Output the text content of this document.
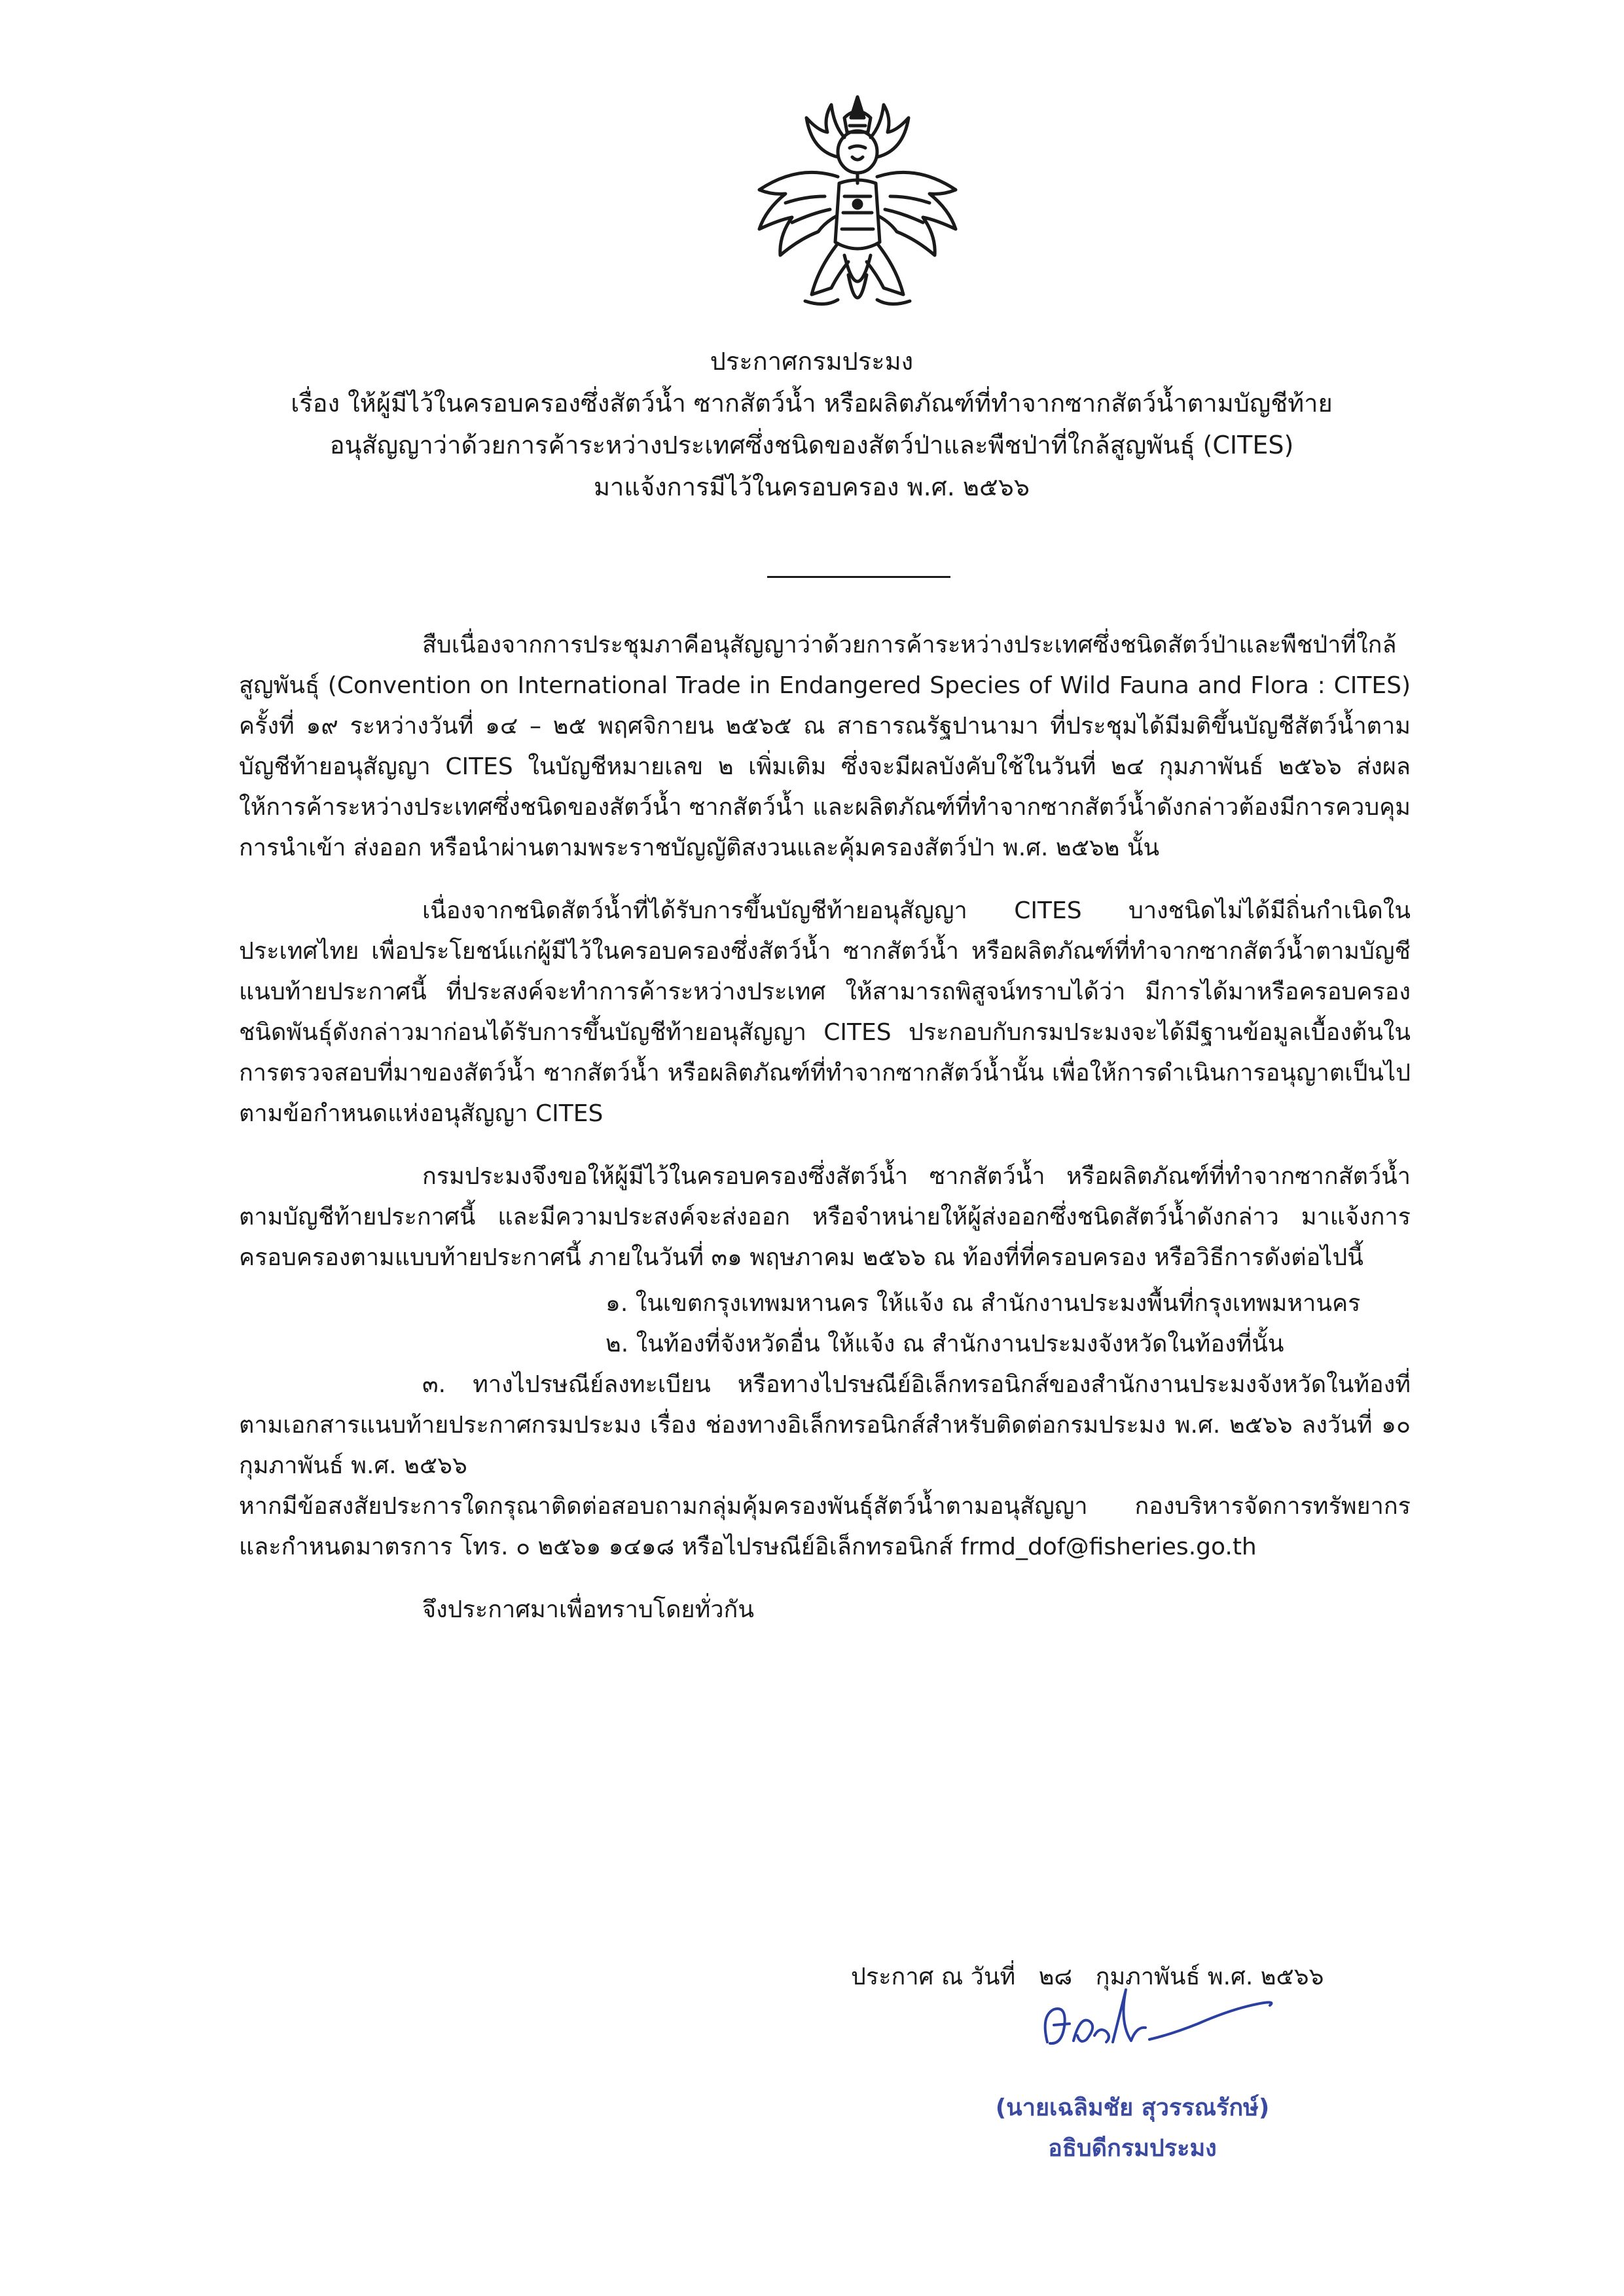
ประกาศกรมประมง
เรื่อง ให้ผู้มีไว้ในครอบครองซึ่งสัตว์น้ำ ซากสัตว์น้ำ หรือผลิตภัณฑ์ที่ทำจากซากสัตว์น้ำตามบัญชีท้าย
อนุสัญญาว่าด้วยการค้าระหว่างประเทศซึ่งชนิดของสัตว์ป่าและพืชป่าที่ใกล้สูญพันธุ์ (CITES)
มาแจ้งการมีไว้ในครอบครอง พ.ศ. ๒๕๖๖

สืบเนื่องจากการประชุมภาคีอนุสัญญาว่าด้วยการค้าระหว่างประเทศซึ่งชนิดสัตว์ป่าและพืชป่าที่ใกล้สูญพันธุ์ (Convention on International Trade in Endangered Species of Wild Fauna and Flora : CITES) ครั้งที่ ๑๙ ระหว่างวันที่ ๑๔ – ๒๕ พฤศจิกายน ๒๕๖๕ ณ สาธารณรัฐปานามา ที่ประชุมได้มีมติขึ้นบัญชีสัตว์น้ำตามบัญชีท้ายอนุสัญญา CITES ในบัญชีหมายเลข ๒ เพิ่มเติม ซึ่งจะมีผลบังคับใช้ในวันที่ ๒๔ กุมภาพันธ์ ๒๕๖๖ ส่งผลให้การค้าระหว่างประเทศซึ่งชนิดของสัตว์น้ำ ซากสัตว์น้ำ และผลิตภัณฑ์ที่ทำจากซากสัตว์น้ำดังกล่าวต้องมีการควบคุมการนำเข้า ส่งออก หรือนำผ่านตามพระราชบัญญัติสงวนและคุ้มครองสัตว์ป่า พ.ศ. ๒๕๖๒ นั้น

เนื่องจากชนิดสัตว์น้ำที่ได้รับการขึ้นบัญชีท้ายอนุสัญญา CITES บางชนิดไม่ได้มีถิ่นกำเนิดในประเทศไทย เพื่อประโยชน์แก่ผู้มีไว้ในครอบครองซึ่งสัตว์น้ำ ซากสัตว์น้ำ หรือผลิตภัณฑ์ที่ทำจากซากสัตว์น้ำตามบัญชีแนบท้ายประกาศนี้ ที่ประสงค์จะทำการค้าระหว่างประเทศ ให้สามารถพิสูจน์ทราบได้ว่า มีการได้มาหรือครอบครองชนิดพันธุ์ดังกล่าวมาก่อนได้รับการขึ้นบัญชีท้ายอนุสัญญา CITES ประกอบกับกรมประมงจะได้มีฐานข้อมูลเบื้องต้นในการตรวจสอบที่มาของสัตว์น้ำ ซากสัตว์น้ำ หรือผลิตภัณฑ์ที่ทำจากซากสัตว์น้ำนั้น เพื่อให้การดำเนินการอนุญาตเป็นไปตามข้อกำหนดแห่งอนุสัญญา CITES

กรมประมงจึงขอให้ผู้มีไว้ในครอบครองซึ่งสัตว์น้ำ ซากสัตว์น้ำ หรือผลิตภัณฑ์ที่ทำจากซากสัตว์น้ำตามบัญชีท้ายประกาศนี้ และมีความประสงค์จะส่งออก หรือจำหน่ายให้ผู้ส่งออกซึ่งชนิดสัตว์น้ำดังกล่าว มาแจ้งการครอบครองตามแบบท้ายประกาศนี้ ภายในวันที่ ๓๑ พฤษภาคม ๒๕๖๖ ณ ท้องที่ที่ครอบครอง หรือวิธีการดังต่อไปนี้

๑. ในเขตกรุงเทพมหานคร ให้แจ้ง ณ สำนักงานประมงพื้นที่กรุงเทพมหานคร

๒. ในท้องที่จังหวัดอื่น ให้แจ้ง ณ สำนักงานประมงจังหวัดในท้องที่นั้น

๓. ทางไปรษณีย์ลงทะเบียน หรือทางไปรษณีย์อิเล็กทรอนิกส์ของสำนักงานประมงจังหวัดในท้องที่ ตามเอกสารแนบท้ายประกาศกรมประมง เรื่อง ช่องทางอิเล็กทรอนิกส์สำหรับติดต่อกรมประมง พ.ศ. ๒๕๖๖ ลงวันที่ ๑๐ กุมภาพันธ์ พ.ศ. ๒๕๖๖

หากมีข้อสงสัยประการใดกรุณาติดต่อสอบถามกลุ่มคุ้มครองพันธุ์สัตว์น้ำตามอนุสัญญา กองบริหารจัดการทรัพยากรและกำหนดมาตรการ โทร. ๐ ๒๕๖๑ ๑๔๑๘ หรือไปรษณีย์อิเล็กทรอนิกส์ frmd_dof@fisheries.go.th

จึงประกาศมาเพื่อทราบโดยทั่วกัน

ประกาศ ณ วันที่ ๒๘ กุมภาพันธ์ พ.ศ. ๒๕๖๖
(นายเฉลิมชัย สุวรรณรักษ์)
อธิบดีกรมประมง
